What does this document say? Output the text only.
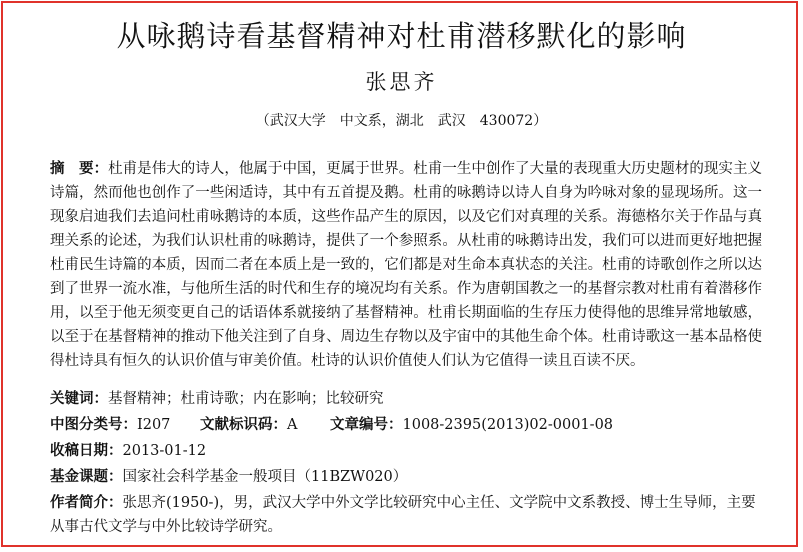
从咏鹅诗看基督精神对杜甫潜移默化的影响
张思齐
（武汉大学　中文系，湖北　武汉　430072）
摘　要：杜甫是伟大的诗人，他属于中国，更属于世界。杜甫一生中创作了大量的表现重大历史题材的现实主义诗篇，然而他也创作了一些闲适诗，其中有五首提及鹅。杜甫的咏鹅诗以诗人自身为吟咏对象的显现场所。这一现象启迪我们去追问杜甫咏鹅诗的本质，这些作品产生的原因，以及它们对真理的关系。海德格尔关于作品与真理关系的论述，为我们认识杜甫的咏鹅诗，提供了一个参照系。从杜甫的咏鹅诗出发，我们可以进而更好地把握杜甫民生诗篇的本质，因而二者在本质上是一致的，它们都是对生命本真状态的关注。杜甫的诗歌创作之所以达到了世界一流水准，与他所生活的时代和生存的境况均有关系。作为唐朝国教之一的基督宗教对杜甫有着潜移作用，以至于他无须变更自己的话语体系就接纳了基督精神。杜甫长期面临的生存压力使得他的思维异常地敏感，以至于在基督精神的推动下他关注到了自身、周边生存物以及宇宙中的其他生命个体。杜甫诗歌这一基本品格使得杜诗具有恒久的认识价值与审美价值。杜诗的认识价值使人们认为它值得一读且百读不厌。
关键词：基督精神；杜甫诗歌；内在影响；比较研究
中图分类号：I207 文献标识码：A 文章编号：1008-2395(2013)02-0001-08
收稿日期：2013-01-12
基金课题：国家社会科学基金一般项目（11BZW020）
作者简介：张思齐(1950-)，男，武汉大学中外文学比较研究中心主任、文学院中文系教授、博士生导师，主要从事古代文学与中外比较诗学研究。
